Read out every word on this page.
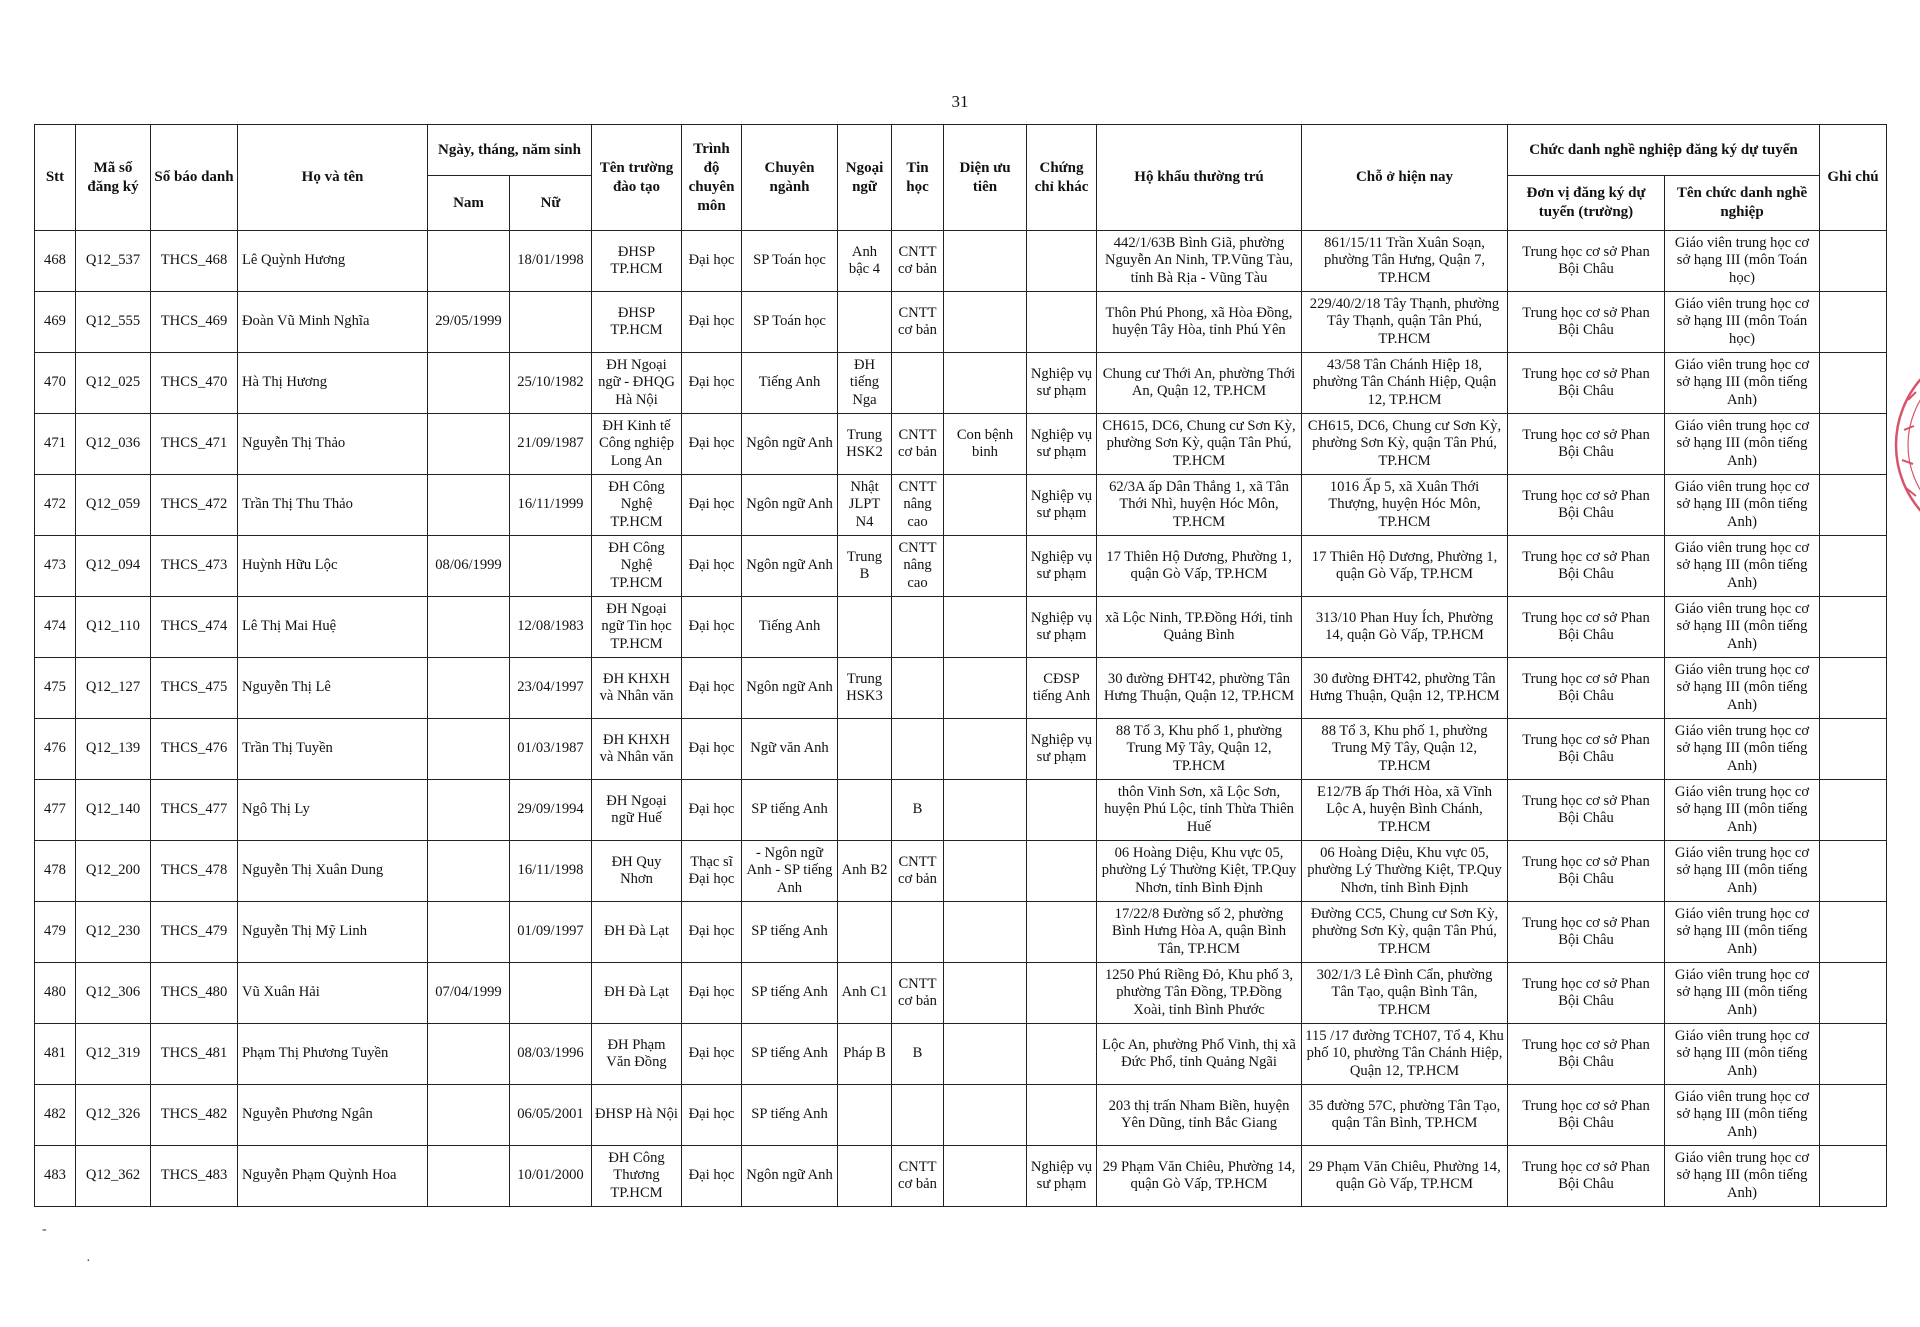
31
Stt	Mã số đăng ký	Số báo danh	Họ và tên	Ngày, tháng, năm sinh		Tên trường đào tạo	Trình độ chuyên môn	Chuyên ngành	Ngoại ngữ	Tin học	Diện ưu tiên	Chứng chỉ khác	Hộ khẩu thường trú	Chỗ ở hiện nay	Chức danh nghề nghiệp đăng ký dự tuyển		Ghi chú
				Nam	Nữ										Đơn vị đăng ký dự tuyển (trường)	Tên chức danh nghề nghiệp	
468	Q12_537	THCS_468	Lê Quỳnh Hương		18/01/1998	ĐHSP TP.HCM	Đại học	SP Toán học	Anh bậc 4	CNTT cơ bản			442/1/63B Bình Giã, phường Nguyễn An Ninh, TP.Vũng Tàu, tỉnh Bà Rịa - Vũng Tàu	861/15/11 Trần Xuân Soạn, phường Tân Hưng, Quận 7, TP.HCM	Trung học cơ sở Phan Bội Châu	Giáo viên trung học cơ sở hạng III (môn Toán học)	
469	Q12_555	THCS_469	Đoàn Vũ Minh Nghĩa	29/05/1999		ĐHSP TP.HCM	Đại học	SP Toán học		CNTT cơ bản			Thôn Phú Phong, xã Hòa Đồng, huyện Tây Hòa, tỉnh Phú Yên	229/40/2/18 Tây Thạnh, phường Tây Thạnh, quận Tân Phú, TP.HCM	Trung học cơ sở Phan Bội Châu	Giáo viên trung học cơ sở hạng III (môn Toán học)	
470	Q12_025	THCS_470	Hà Thị Hương		25/10/1982	ĐH Ngoại ngữ - ĐHQG Hà Nội	Đại học	Tiếng Anh	ĐH tiếng Nga			Nghiệp vụ sư phạm	Chung cư Thới An, phường Thới An, Quận 12, TP.HCM	43/58 Tân Chánh Hiệp 18, phường Tân Chánh Hiệp, Quận 12, TP.HCM	Trung học cơ sở Phan Bội Châu	Giáo viên trung học cơ sở hạng III (môn tiếng Anh)	
471	Q12_036	THCS_471	Nguyễn Thị Thảo		21/09/1987	ĐH Kinh tế Công nghiệp Long An	Đại học	Ngôn ngữ Anh	Trung HSK2	CNTT cơ bản	Con bệnh binh	Nghiệp vụ sư phạm	CH615, DC6, Chung cư Sơn Kỳ, phường Sơn Kỳ, quận Tân Phú, TP.HCM	CH615, DC6, Chung cư Sơn Kỳ, phường Sơn Kỳ, quận Tân Phú, TP.HCM	Trung học cơ sở Phan Bội Châu	Giáo viên trung học cơ sở hạng III (môn tiếng Anh)	
472	Q12_059	THCS_472	Trần Thị Thu Thảo		16/11/1999	ĐH Công Nghệ TP.HCM	Đại học	Ngôn ngữ Anh	Nhật JLPT N4	CNTT nâng cao		Nghiệp vụ sư phạm	62/3A ấp Dân Thắng 1, xã Tân Thới Nhì, huyện Hóc Môn, TP.HCM	1016 Ấp 5, xã Xuân Thới Thượng, huyện Hóc Môn, TP.HCM	Trung học cơ sở Phan Bội Châu	Giáo viên trung học cơ sở hạng III (môn tiếng Anh)	
473	Q12_094	THCS_473	Huỳnh Hữu Lộc	08/06/1999		ĐH Công Nghệ TP.HCM	Đại học	Ngôn ngữ Anh	Trung B	CNTT nâng cao		Nghiệp vụ sư phạm	17 Thiên Hộ Dương, Phường 1, quận Gò Vấp, TP.HCM	17 Thiên Hộ Dương, Phường 1, quận Gò Vấp, TP.HCM	Trung học cơ sở Phan Bội Châu	Giáo viên trung học cơ sở hạng III (môn tiếng Anh)	
474	Q12_110	THCS_474	Lê Thị Mai Huệ		12/08/1983	ĐH Ngoại ngữ Tin học TP.HCM	Đại học	Tiếng Anh				Nghiệp vụ sư phạm	xã Lộc Ninh, TP.Đồng Hới, tỉnh Quảng Bình	313/10 Phan Huy Ích, Phường 14, quận Gò Vấp, TP.HCM	Trung học cơ sở Phan Bội Châu	Giáo viên trung học cơ sở hạng III (môn tiếng Anh)	
475	Q12_127	THCS_475	Nguyễn Thị Lê		23/04/1997	ĐH KHXH và Nhân văn	Đại học	Ngôn ngữ Anh	Trung HSK3			CĐSP tiếng Anh	30 đường ĐHT42, phường Tân Hưng Thuận, Quận 12, TP.HCM	30 đường ĐHT42, phường Tân Hưng Thuận, Quận 12, TP.HCM	Trung học cơ sở Phan Bội Châu	Giáo viên trung học cơ sở hạng III (môn tiếng Anh)	
476	Q12_139	THCS_476	Trần Thị Tuyền		01/03/1987	ĐH KHXH và Nhân văn	Đại học	Ngữ văn Anh				Nghiệp vụ sư phạm	88 Tổ 3, Khu phố 1, phường Trung Mỹ Tây, Quận 12, TP.HCM	88 Tổ 3, Khu phố 1, phường Trung Mỹ Tây, Quận 12, TP.HCM	Trung học cơ sở Phan Bội Châu	Giáo viên trung học cơ sở hạng III (môn tiếng Anh)	
477	Q12_140	THCS_477	Ngô Thị Ly		29/09/1994	ĐH Ngoại ngữ Huế	Đại học	SP tiếng Anh		B			thôn Vinh Sơn, xã Lộc Sơn, huyện Phú Lộc, tỉnh Thừa Thiên Huế	E12/7B ấp Thới Hòa, xã Vĩnh Lộc A, huyện Bình Chánh, TP.HCM	Trung học cơ sở Phan Bội Châu	Giáo viên trung học cơ sở hạng III (môn tiếng Anh)	
478	Q12_200	THCS_478	Nguyễn Thị Xuân Dung		16/11/1998	ĐH Quy Nhơn	Thạc sĩ Đại học	- Ngôn ngữ Anh - SP tiếng Anh	Anh B2	CNTT cơ bản			06 Hoàng Diệu, Khu vực 05, phường Lý Thường Kiệt, TP.Quy Nhơn, tỉnh Bình Định	06 Hoàng Diệu, Khu vực 05, phường Lý Thường Kiệt, TP.Quy Nhơn, tỉnh Bình Định	Trung học cơ sở Phan Bội Châu	Giáo viên trung học cơ sở hạng III (môn tiếng Anh)	
479	Q12_230	THCS_479	Nguyễn Thị Mỹ Linh		01/09/1997	ĐH Đà Lạt	Đại học	SP tiếng Anh					17/22/8 Đường số 2, phường Bình Hưng Hòa A, quận Bình Tân, TP.HCM	Đường CC5, Chung cư Sơn Kỳ, phường Sơn Kỳ, quận Tân Phú, TP.HCM	Trung học cơ sở Phan Bội Châu	Giáo viên trung học cơ sở hạng III (môn tiếng Anh)	
480	Q12_306	THCS_480	Vũ Xuân Hải	07/04/1999		ĐH Đà Lạt	Đại học	SP tiếng Anh	Anh C1	CNTT cơ bản			1250 Phú Riềng Đỏ, Khu phố 3, phường Tân Đồng, TP.Đồng Xoài, tỉnh Bình Phước	302/1/3 Lê Đình Cẩn, phường Tân Tạo, quận Bình Tân, TP.HCM	Trung học cơ sở Phan Bội Châu	Giáo viên trung học cơ sở hạng III (môn tiếng Anh)	
481	Q12_319	THCS_481	Phạm Thị Phương Tuyền		08/03/1996	ĐH Phạm Văn Đồng	Đại học	SP tiếng Anh	Pháp B	B			Lộc An, phường Phổ Vinh, thị xã Đức Phổ, tỉnh Quảng Ngãi	115 /17 đường TCH07, Tổ 4, Khu phố 10, phường Tân Chánh Hiệp, Quận 12, TP.HCM	Trung học cơ sở Phan Bội Châu	Giáo viên trung học cơ sở hạng III (môn tiếng Anh)	
482	Q12_326	THCS_482	Nguyễn Phương Ngân		06/05/2001	ĐHSP Hà Nội	Đại học	SP tiếng Anh					203 thị trấn Nham Biền, huyện Yên Dũng, tỉnh Bắc Giang	35 đường 57C, phường Tân Tạo, quận Tân Bình, TP.HCM	Trung học cơ sở Phan Bội Châu	Giáo viên trung học cơ sở hạng III (môn tiếng Anh)	
483	Q12_362	THCS_483	Nguyễn Phạm Quỳnh Hoa		10/01/2000	ĐH Công Thương TP.HCM	Đại học	Ngôn ngữ Anh		CNTT cơ bản		Nghiệp vụ sư phạm	29 Phạm Văn Chiêu, Phường 14, quận Gò Vấp, TP.HCM	29 Phạm Văn Chiêu, Phường 14, quận Gò Vấp, TP.HCM	Trung học cơ sở Phan Bội Châu	Giáo viên trung học cơ sở hạng III (môn tiếng Anh)	
-
·
